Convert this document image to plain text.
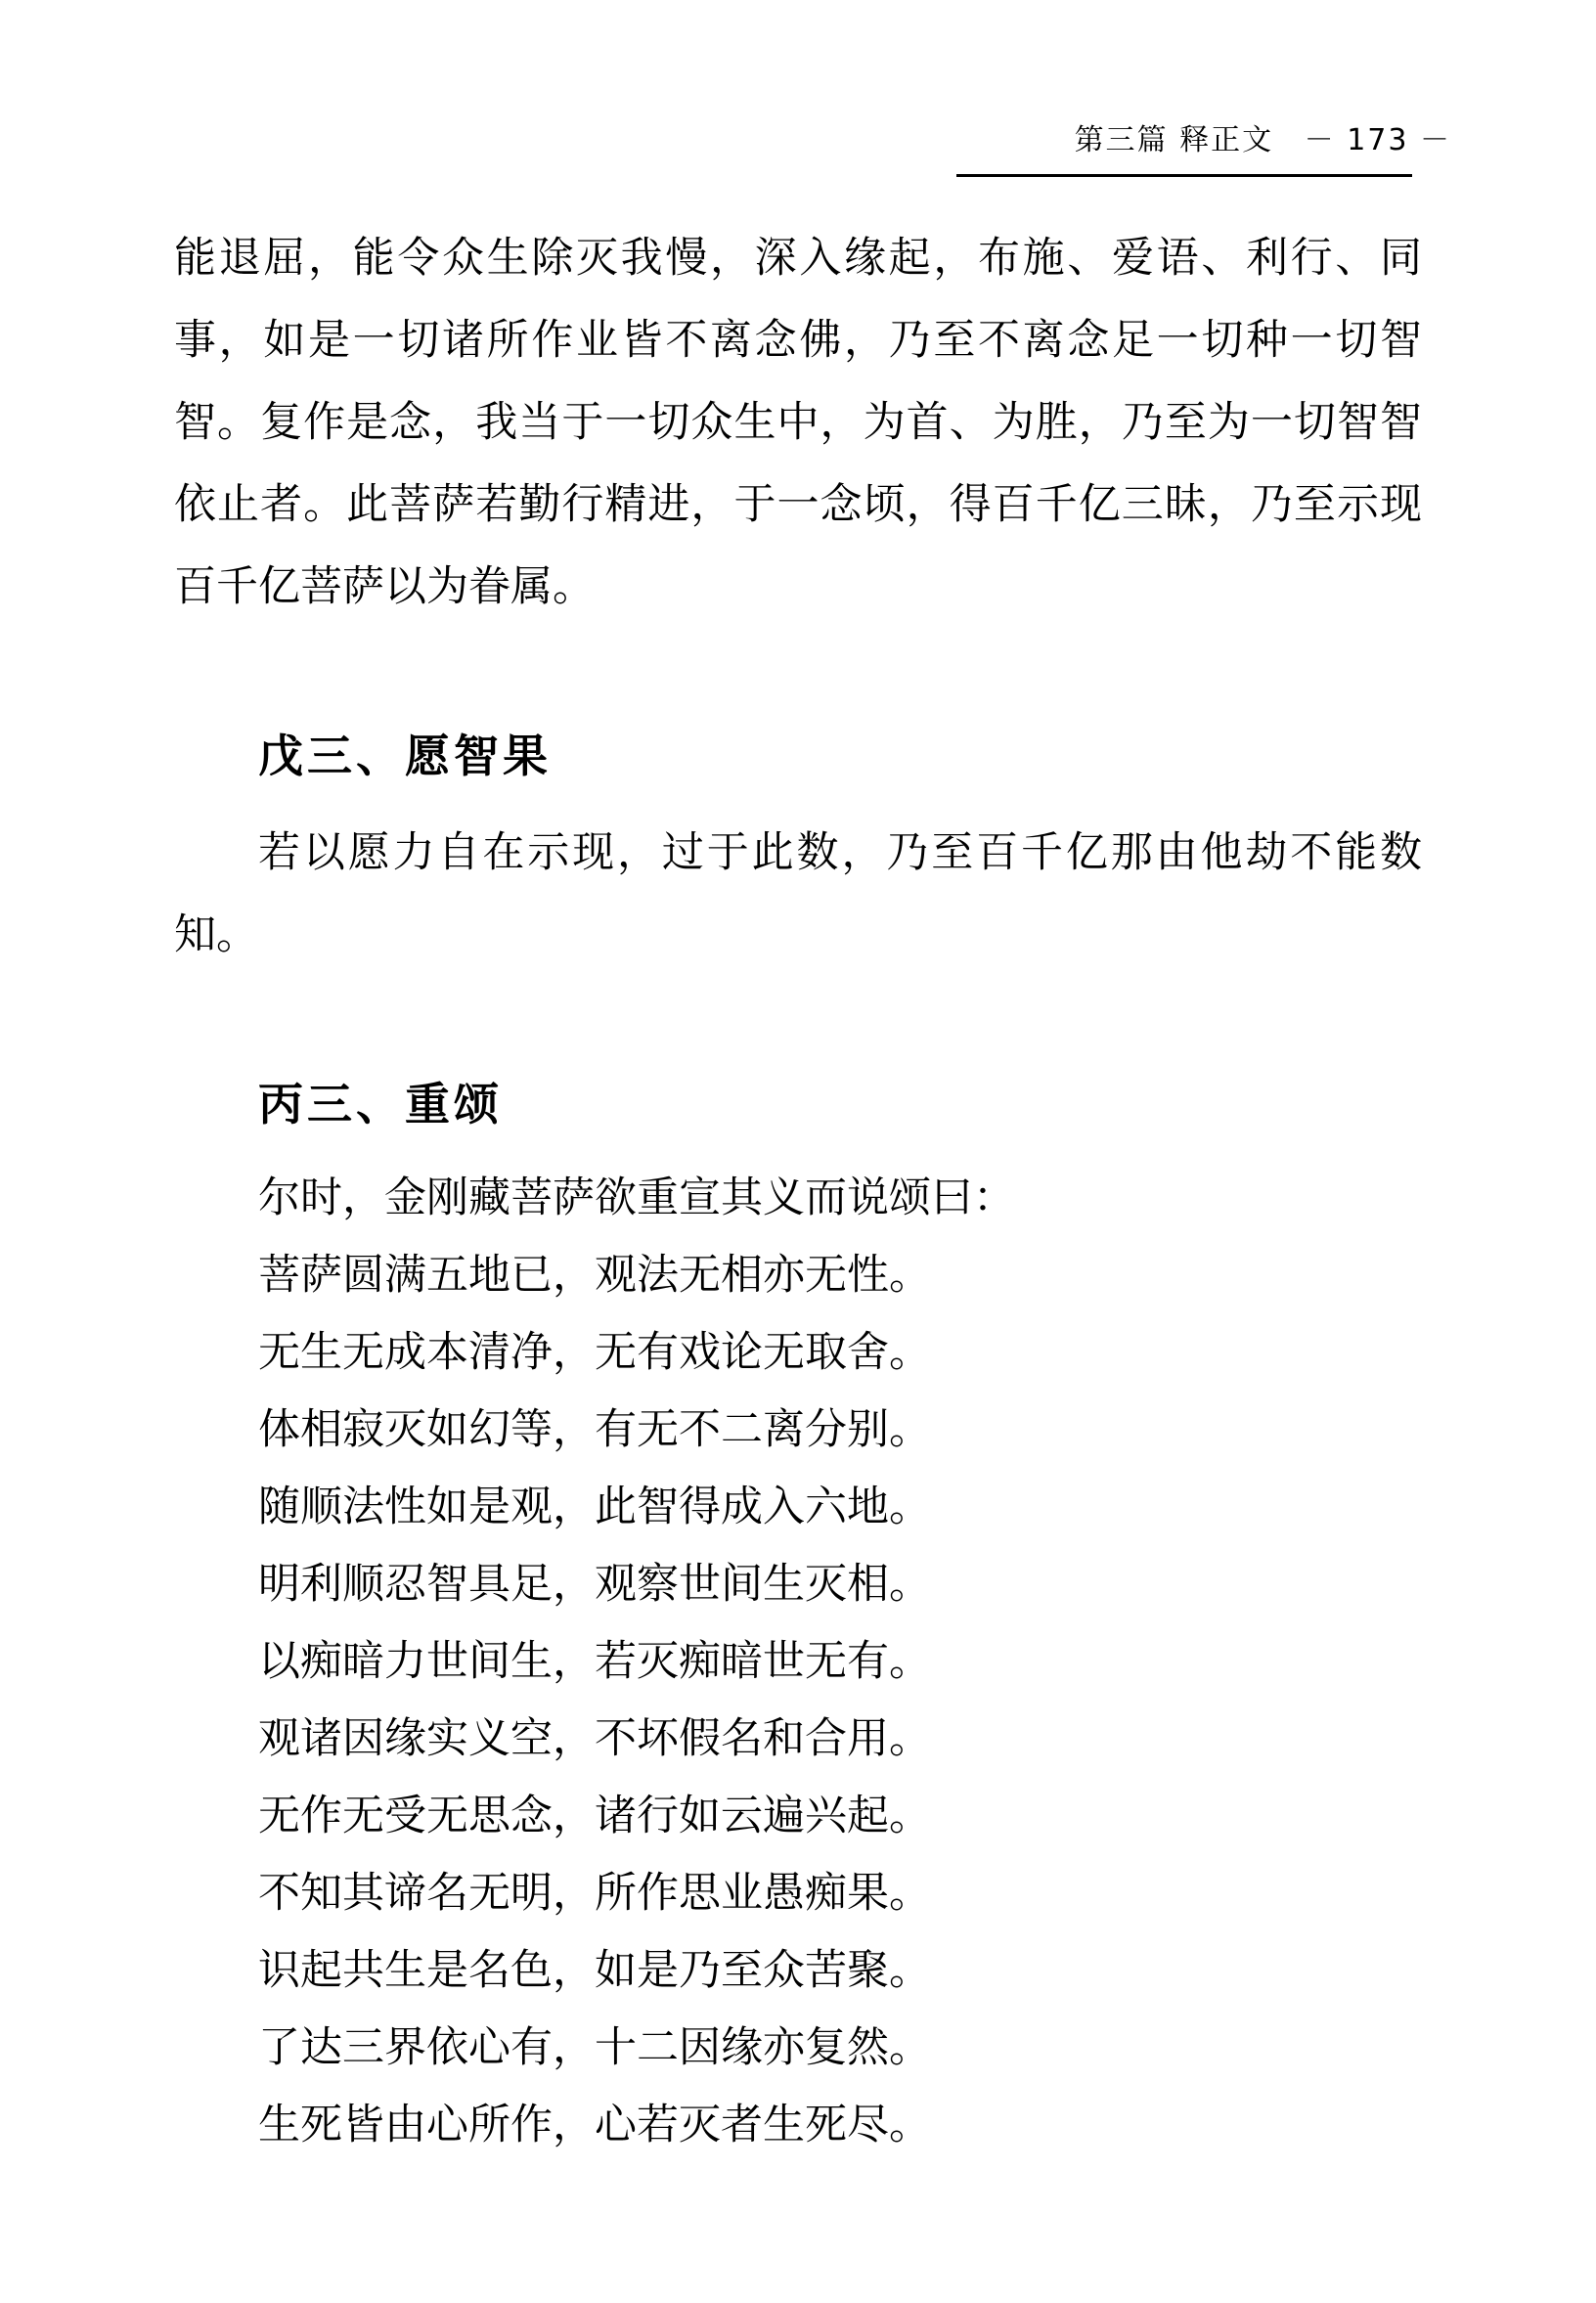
第三篇 释正文 － 173 －

能退屈，能令众生除灭我慢，深入缘起，布施、爱语、利行、同事，如是一切诸所作业皆不离念佛，乃至不离念足一切种一切智智。复作是念，我当于一切众生中，为首、为胜，乃至为一切智智依止者。此菩萨若勤行精进，于一念顷，得百千亿三昧，乃至示现百千亿菩萨以为眷属。

戊三、愿智果

若以愿力自在示现，过于此数，乃至百千亿那由他劫不能数知。

丙三、重颂

尔时，金刚藏菩萨欲重宣其义而说颂曰：

菩萨圆满五地已，观法无相亦无性。

无生无成本清净，无有戏论无取舍。

体相寂灭如幻等，有无不二离分别。

随顺法性如是观，此智得成入六地。

明利顺忍智具足，观察世间生灭相。

以痴暗力世间生，若灭痴暗世无有。

观诸因缘实义空，不坏假名和合用。

无作无受无思念，诸行如云遍兴起。

不知其谛名无明，所作思业愚痴果。

识起共生是名色，如是乃至众苦聚。

了达三界依心有，十二因缘亦复然。

生死皆由心所作，心若灭者生死尽。
